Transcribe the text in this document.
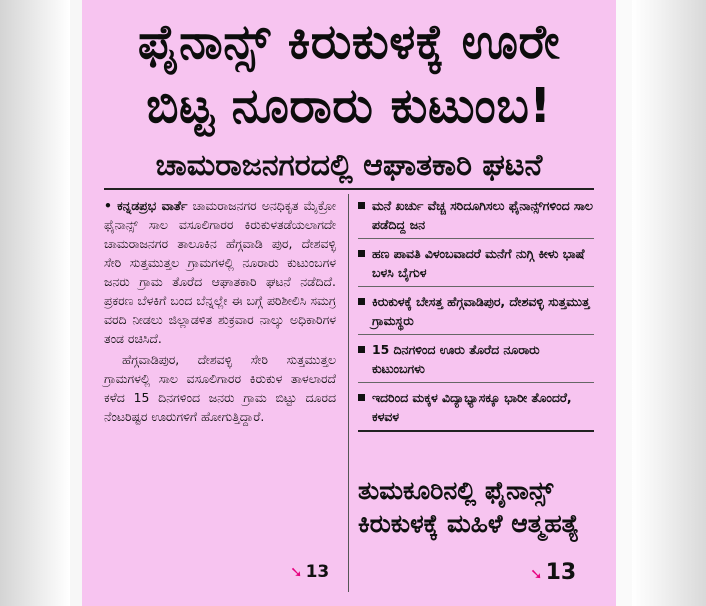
ಫೈನಾನ್ಸ್ ಕಿರುಕುಳಕ್ಕೆ ಊರೇ
ಬಿಟ್ಟ ನೂರಾರು ಕುಟುಂಬ!
ಚಾಮರಾಜನಗರದಲ್ಲಿ ಆಘಾತಕಾರಿ ಘಟನೆ

• ಕನ್ನಡಪ್ರಭ ವಾರ್ತೆ ಚಾಮರಾಜನಗರ ಅನಧಿಕೃತ ಮೈಕ್ರೋ ಫೈನಾನ್ಸ್ ಸಾಲ ವಸೂಲಿಗಾರರ ಕಿರುಕುಳತಡೆಯಲಾಗದೇ ಚಾಮರಾಜನಗರ ತಾಲೂಕಿನ ಹೆಗ್ಗವಾಡಿ ಪುರ, ದೇಶವಳ್ಳಿ ಸೇರಿ ಸುತ್ತಮುತ್ತಲ ಗ್ರಾಮಗಳಲ್ಲಿ ನೂರಾರು ಕುಟುಂಬಗಳ ಜನರು ಗ್ರಾಮ ತೊರೆದ ಆಘಾತಕಾರಿ ಘಟನೆ ನಡೆದಿದೆ. ಪ್ರಕರಣ ಬೆಳಕಿಗೆ ಬಂದ ಬೆನ್ನಲ್ಲೇ ಈ ಬಗ್ಗೆ ಪರಿಶೀಲಿಸಿ ಸಮಗ್ರ ವರದಿ ನೀಡಲು ಜಿಲ್ಲಾಡಳಿತ ಶುಕ್ರವಾರ ನಾಲ್ಕು ಅಧಿಕಾರಿಗಳ ತಂಡ ರಚಿಸಿದೆ.

ಹೆಗ್ಗವಾಡಿಪುರ, ದೇಶವಳ್ಳಿ ಸೇರಿ ಸುತ್ತಮುತ್ತಲ ಗ್ರಾಮಗಳಲ್ಲಿ ಸಾಲ ವಸೂಲಿಗಾರರ ಕಿರುಕುಳ ತಾಳಲಾರದೆ ಕಳೆದ 15 ದಿನಗಳಿಂದ ಜನರು ಗ್ರಾಮ ಬಿಟ್ಟು ದೂರದ ನೆಂಟರಿಷ್ಟರ ಊರುಗಳಿಗೆ ಹೋಗುತ್ತಿದ್ದಾರೆ.

➘ 13
ಮನೆ ಖರ್ಚು ವೆಚ್ಚ ಸರಿದೂಗಿಸಲು ಫೈನಾನ್ಸ್‌ಗಳಿಂದ ಸಾಲ ಪಡೆದಿದ್ದ ಜನ
ಹಣ ಪಾವತಿ ವಿಳಂಬವಾದರೆ ಮನೆಗೆ ನುಗ್ಗಿ ಕೀಳು ಭಾಷೆ ಬಳಸಿ ಬೈಗುಳ
ಕಿರುಕುಳಕ್ಕೆ ಬೇಸತ್ತ ಹೆಗ್ಗವಾಡಿಪುರ, ದೇಶವಳ್ಳಿ ಸುತ್ತಮುತ್ತ ಗ್ರಾಮಸ್ಥರು
15 ದಿನಗಳಿಂದ ಊರು ತೊರೆದ ನೂರಾರು ಕುಟುಂಬಗಳು
ಇದರಿಂದ ಮಕ್ಕಳ ವಿದ್ಯಾಭ್ಯಾಸಕ್ಕೂ ಭಾರೀ ತೊಂದರೆ, ಕಳವಳ
ತುಮಕೂರಿನಲ್ಲಿ ಫೈನಾನ್ಸ್ ಕಿರುಕುಳಕ್ಕೆ ಮಹಿಳೆ ಆತ್ಮಹತ್ಯೆ
➘ 13
